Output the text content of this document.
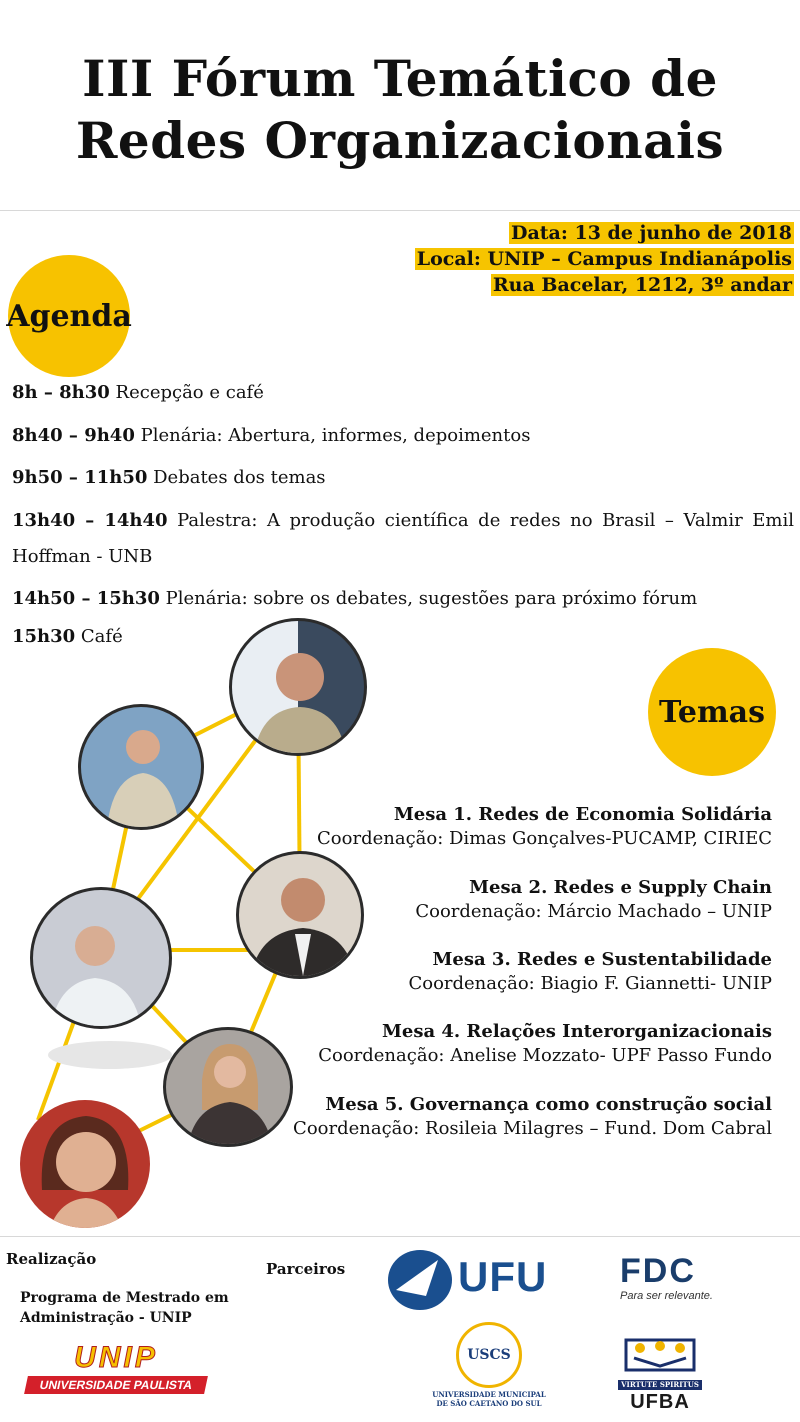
III Fórum Temático de
Redes Organizacionais
Data: 13 de junho de 2018
Local: UNIP – Campus Indianápolis
Rua Bacelar, 1212, 3º andar
Agenda
8h – 8h30 Recepção e café
8h40 – 9h40 Plenária: Abertura, informes, depoimentos
9h50 – 11h50 Debates dos temas
13h40 – 14h40 Palestra: A produção científica de redes no Brasil – Valmir Emil Hoffman - UNB
14h50 – 15h30 Plenária: sobre os debates, sugestões para próximo fórum
15h30 Café
Temas
Mesa 1. Redes de Economia Solidária
Coordenação: Dimas Gonçalves-PUCAMP, CIRIEC
Mesa 2. Redes e Supply Chain
Coordenação: Márcio Machado – UNIP
Mesa 3. Redes e Sustentabilidade
Coordenação: Biagio F. Giannetti- UNIP
Mesa 4. Relações Interorganizacionais
Coordenação: Anelise Mozzato- UPF Passo Fundo
Mesa 5. Governança como construção social
Coordenação: Rosileia Milagres – Fund. Dom Cabral
Realização
Programa de Mestrado em
Administração - UNIP
UNIP
UNIVERSIDADE PAULISTA
Parceiros	UFU FDC
Para ser relevante.
USCS
UNIVERSIDADE MUNICIPAL
DE SÃO CAETANO DO SUL
VIRTUTE SPIRITUS
UFBA
